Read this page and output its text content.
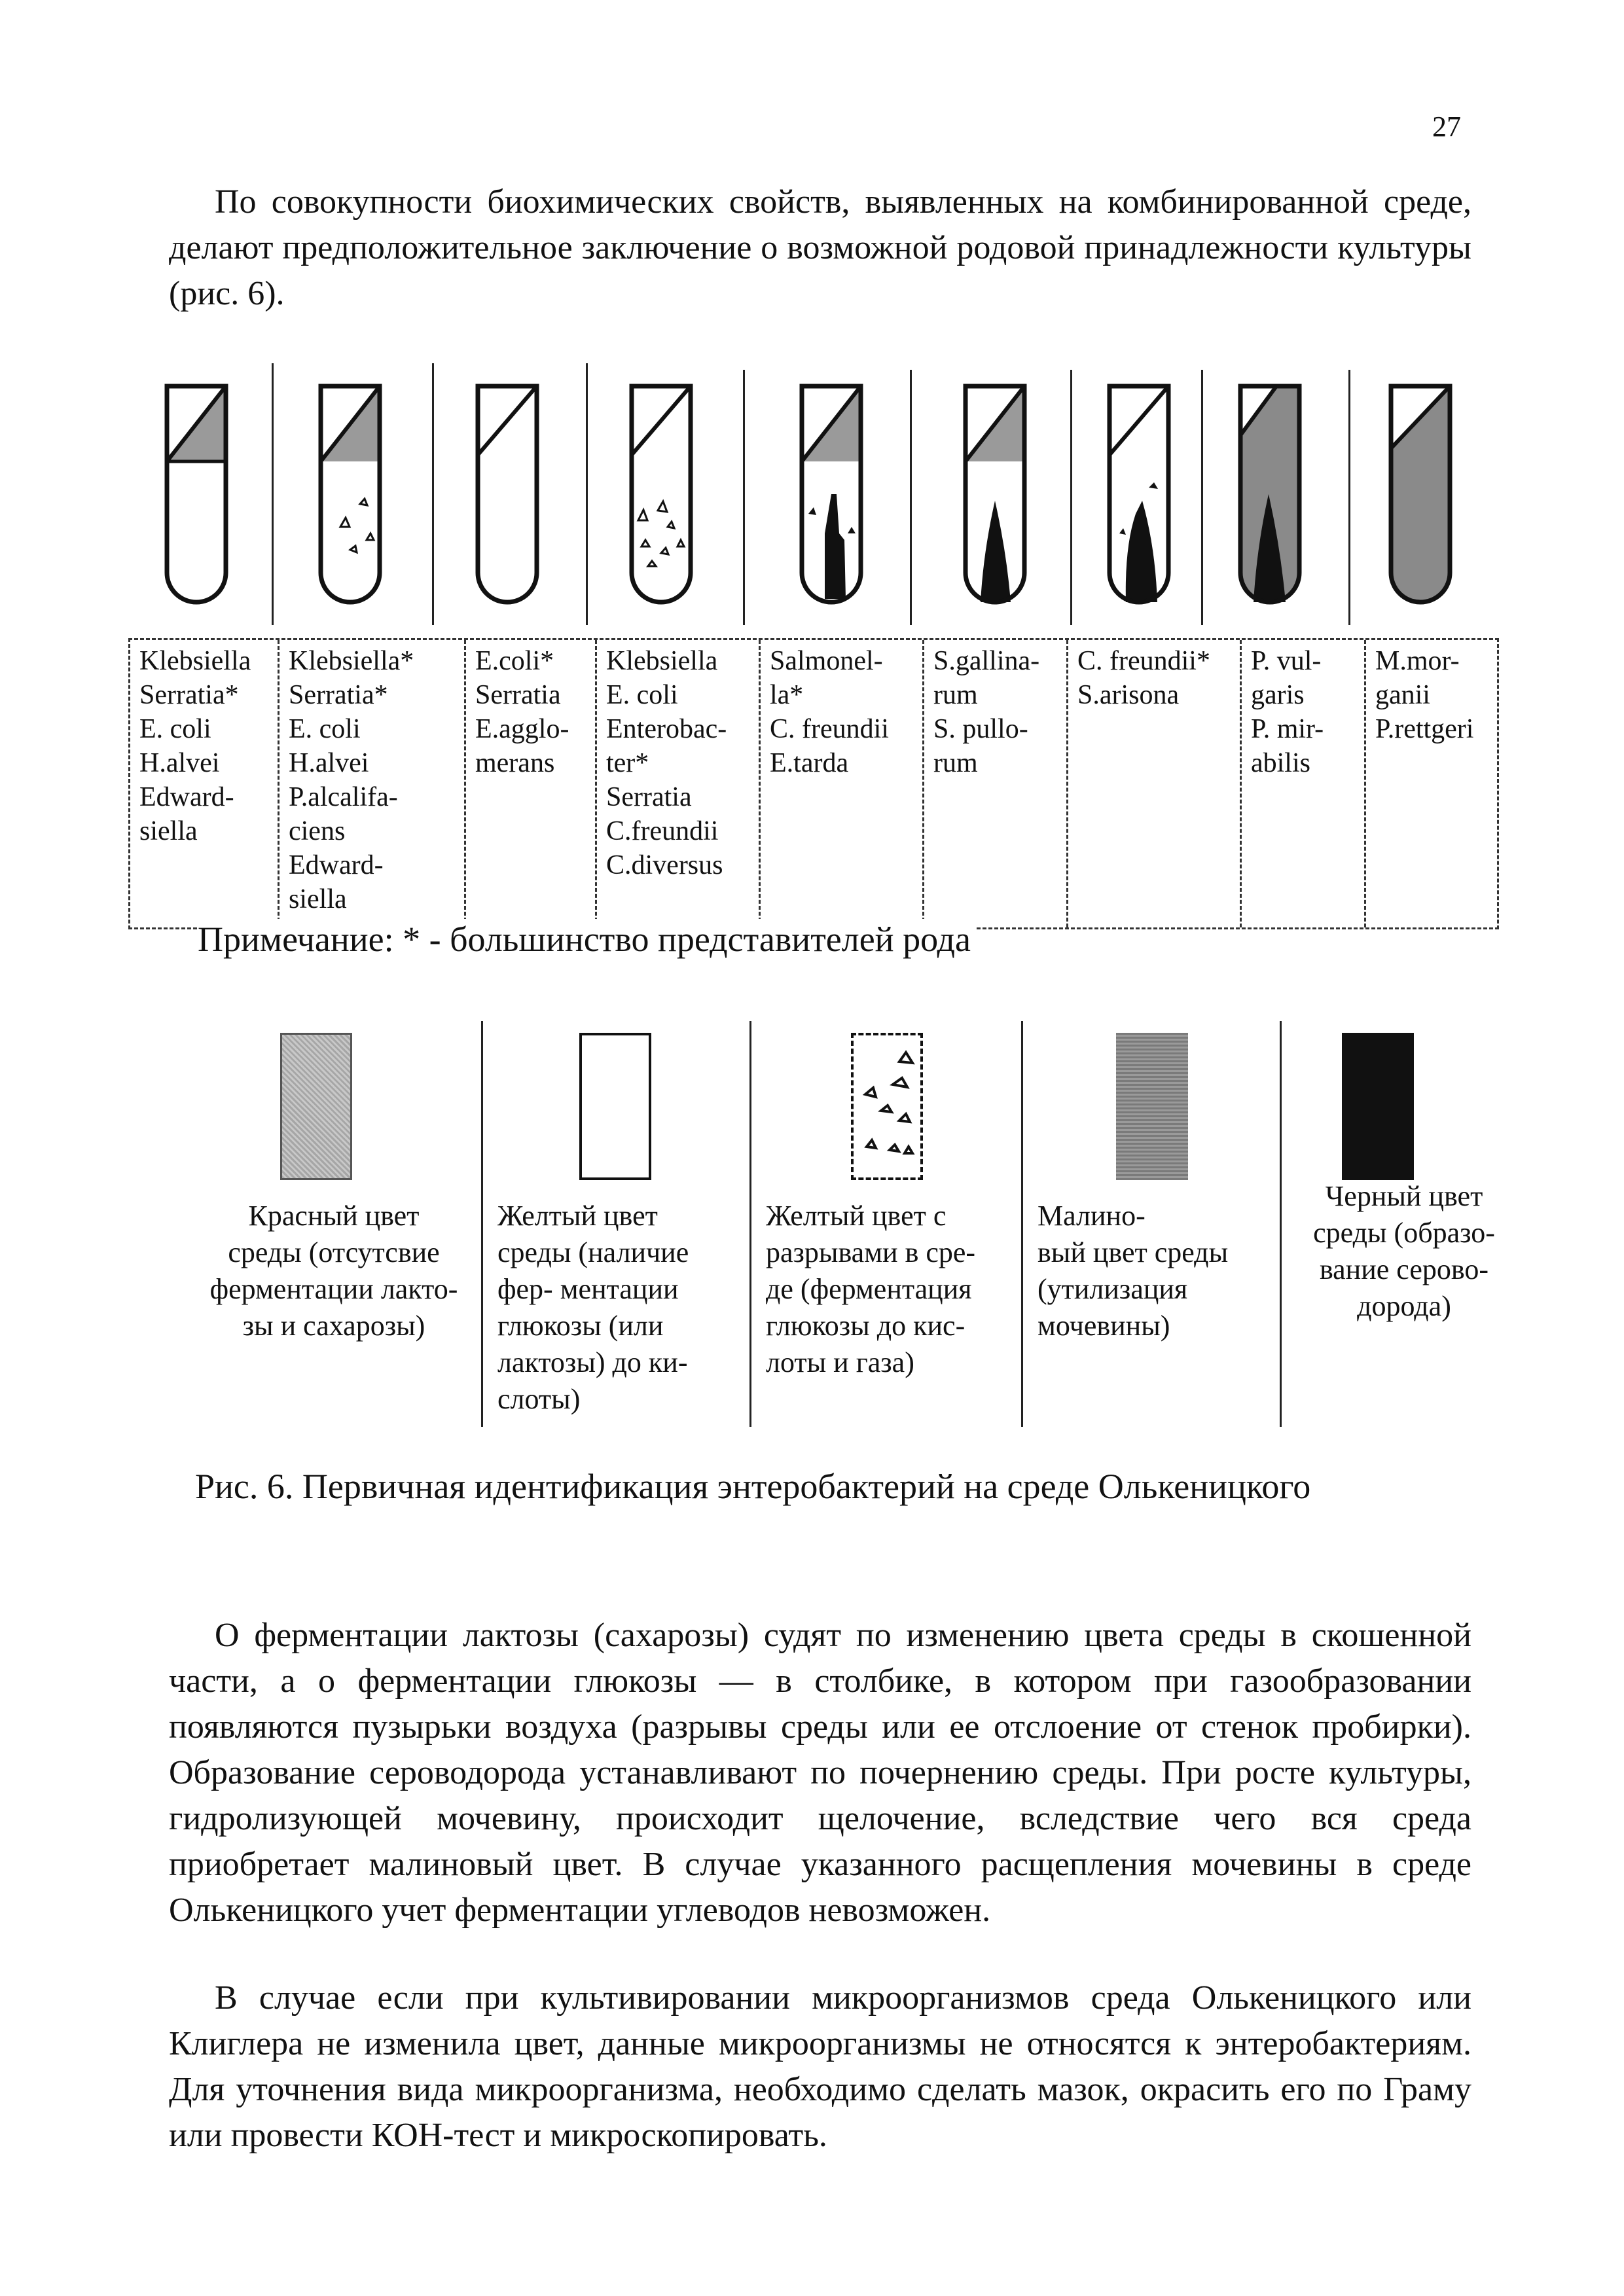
27

По совокупности биохимических свойств, выявленных на комбинированной среде, делают предположительное заключение о возможной родовой принадлежности культуры (рис. 6).

Klebsiella
Serratia*
E. coli
H.alvei
Edward-
siella
Klebsiella*
Serratia*
E. coli
H.alvei
P.alcalifa-
ciens
Edward-
siella
E.coli*
Serratia
E.agglo-
merans
Klebsiella
E. coli
Enterobac-
ter*
Serratia
C.freundii
C.diversus
Salmonel-
la*
C. freundii
E.tarda
S.gallina-
rum
S. pullo-
rum
C. freundii*
S.arisona
P. vul-
garis
P. mir-
abilis
M.mor-
ganii
P.rettgeri
Примечание: * - большинство представителей рода
Красный цвет
среды (отсутсвие
ферментации лакто-
зы и сахарозы)
Желтый цвет
среды (наличие
фер- ментации
глюкозы (или
лактозы) до ки-
слоты)
Желтый цвет с
разрывами в сре-
де (ферментация
глюкозы до кис-
лоты и газа)
Малино-
вый цвет среды
(утилизация
мочевины)
Черный цвет
среды (образо-
вание серово-
дорода)
Рис. 6. Первичная идентификация энтеробактерий на среде Олькеницкого

О ферментации лактозы (сахарозы) судят по изменению цвета среды в скошенной части, а о ферментации глюкозы — в столбике, в котором при газообразовании появляются пузырьки воздуха (разрывы среды или ее отслоение от стенок пробирки). Образование сероводорода устанавливают по почернению среды. При росте культуры, гидролизующей мочевину, происходит щелочение, вследствие чего вся среда приобретает малиновый цвет. В случае указанного расщепления мочевины в среде Олькеницкого учет ферментации углеводов невозможен.

В случае если при культивировании микроорганизмов среда Олькеницкого или Клиглера не изменила цвет, данные микроорганизмы не относятся к энтеробактериям. Для уточнения вида микроорганизма, необходимо сделать мазок, окрасить его по Граму или провести КОН-тест и микроскопировать.
